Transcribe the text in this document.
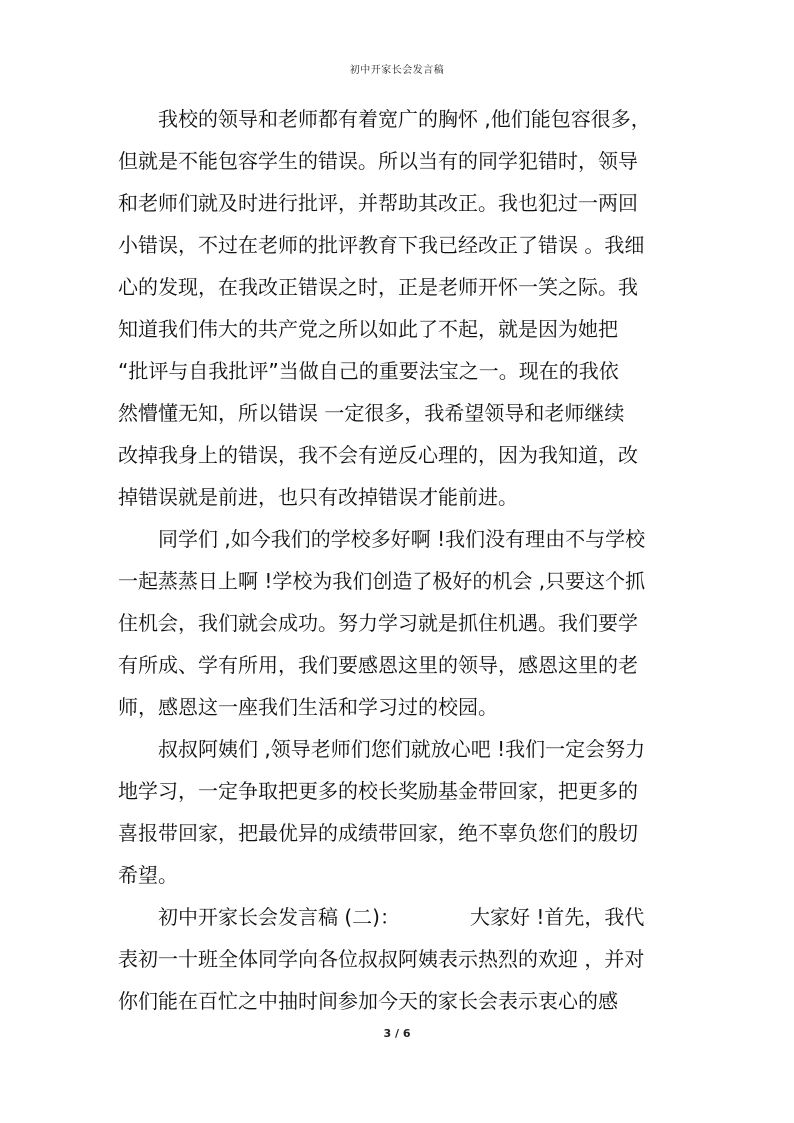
初中开家长会发言稿
　　我校的领导和老师都有着宽广的胸怀 ,他们能包容很多，
但就是不能包容学生的错误。所以当有的同学犯错时，领导
和老师们就及时进行批评，并帮助其改正。我也犯过一两回
小错误，不过在老师的批评教育下我已经改正了错误 。我细
心的发现，在我改正错误之时，正是老师开怀一笑之际。我
知道我们伟大的共产党之所以如此了不起，就是因为她把
“批评与自我批评”当做自己的重要法宝之一。现在的我依
然懵懂无知，所以错误 一定很多，我希望领导和老师继续
改掉我身上的错误，我不会有逆反心理的，因为我知道，改
掉错误就是前进，也只有改掉错误才能前进。
　　同学们 ,如今我们的学校多好啊 !我们没有理由不与学校
一起蒸蒸日上啊 !学校为我们创造了极好的机会 ,只要这个抓
住机会，我们就会成功。努力学习就是抓住机遇。我们要学
有所成、学有所用，我们要感恩这里的领导，感恩这里的老
师，感恩这一座我们生活和学习过的校园。
　　叔叔阿姨们 ,领导老师们您们就放心吧 !我们一定会努力
地学习，一定争取把更多的校长奖励基金带回家，把更多的
喜报带回家，把最优异的成绩带回家，绝不辜负您们的殷切
希望。
　　初中开家长会发言稿 (二)：　　　　大家好 !首先，我代
表初一十班全体同学向各位叔叔阿姨表示热烈的欢迎 ，并对
你们能在百忙之中抽时间参加今天的家长会表示衷心的感
3 / 6
